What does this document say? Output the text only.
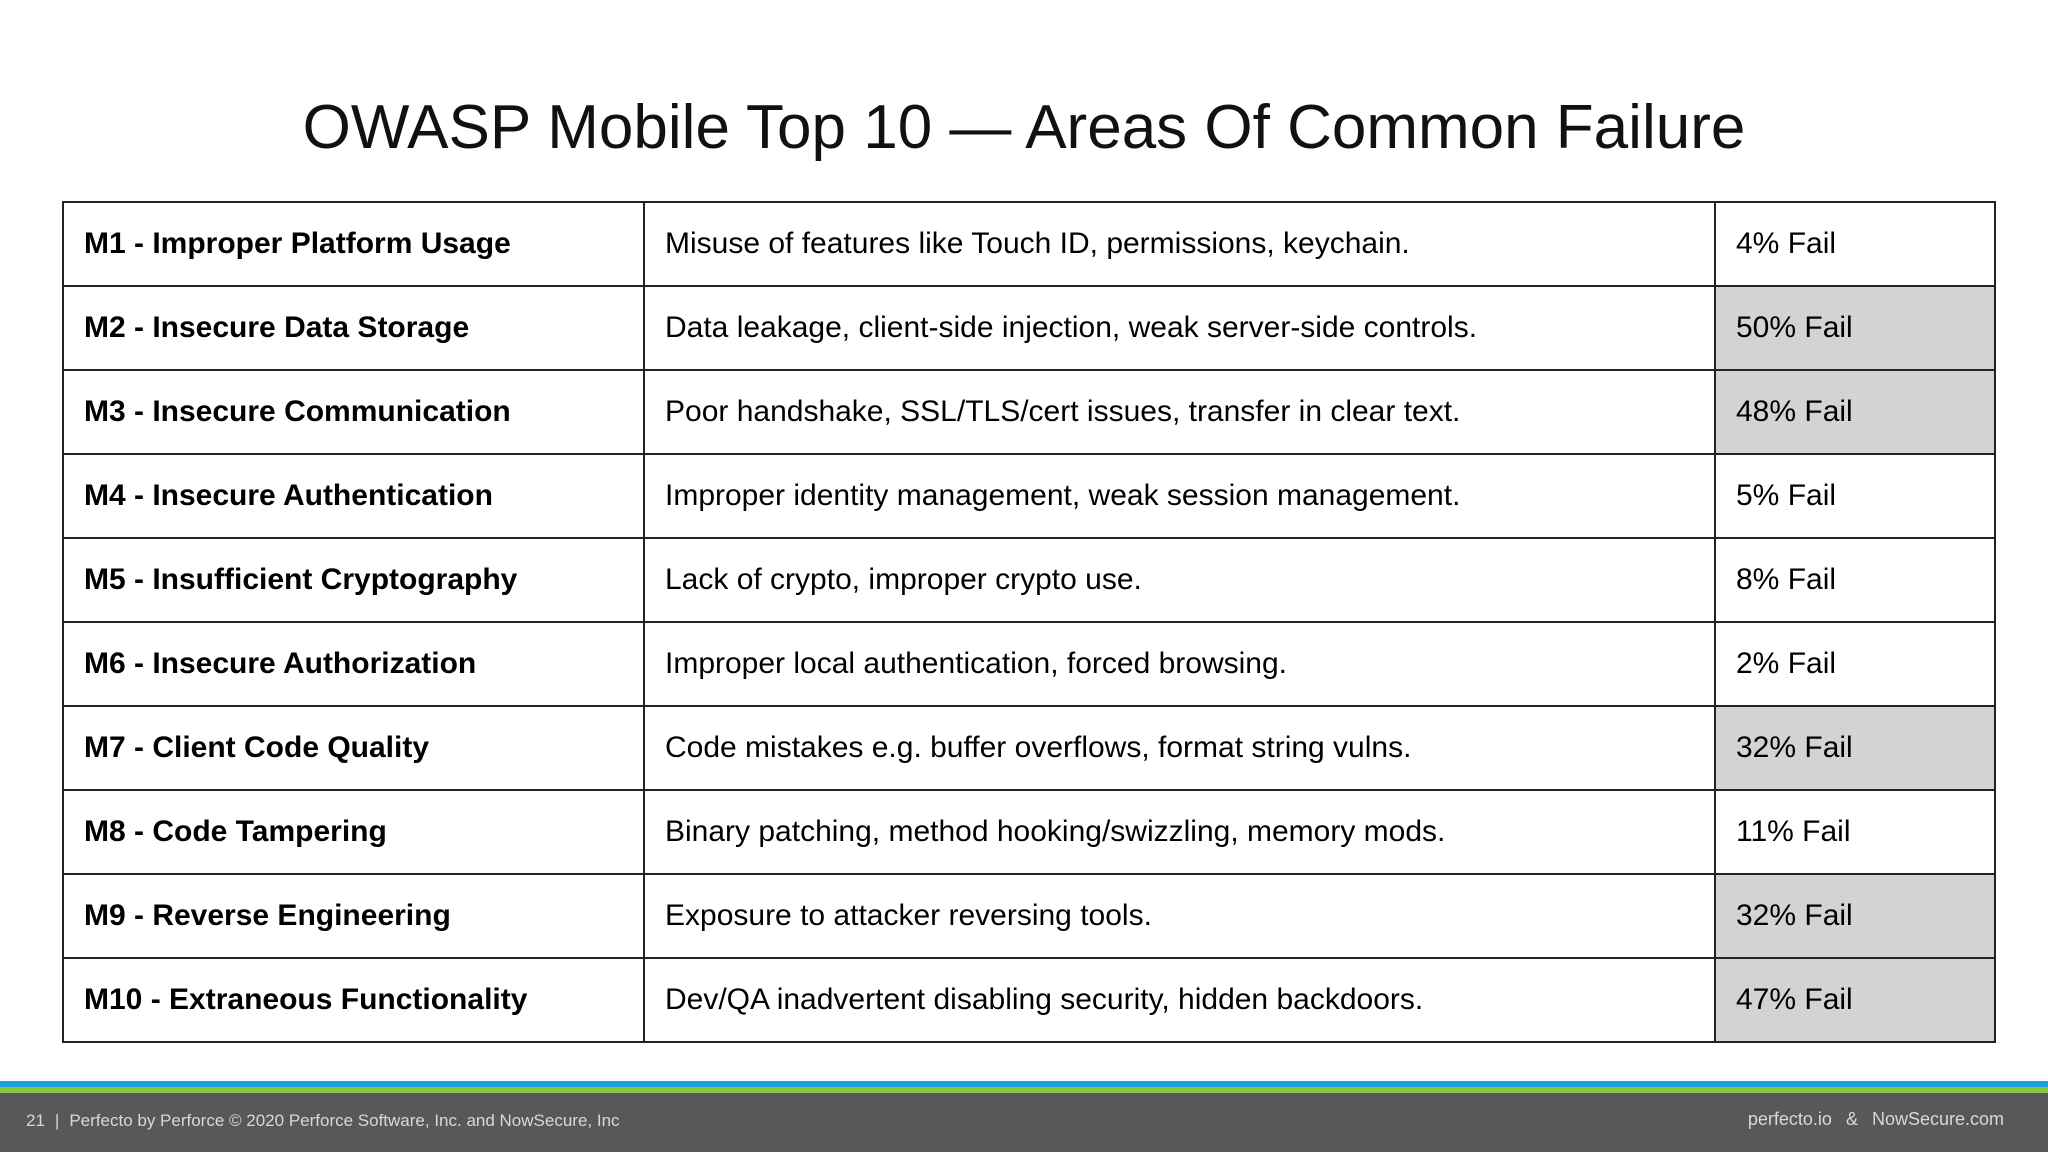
OWASP Mobile Top 10 — Areas Of Common Failure
M1 - Improper Platform Usage	Misuse of features like Touch ID, permissions, keychain.	4% Fail
M2 - Insecure Data Storage	Data leakage, client-side injection, weak server-side controls.	50% Fail
M3 - Insecure Communication	Poor handshake, SSL/TLS/cert issues, transfer in clear text.	48% Fail
M4 - Insecure Authentication	Improper identity management, weak session management.	5% Fail
M5 - Insufficient Cryptography	Lack of crypto, improper crypto use.	8% Fail
M6 - Insecure Authorization	Improper local authentication, forced browsing.	2% Fail
M7 - Client Code Quality	Code mistakes e.g. buffer overflows, format string vulns.	32% Fail
M8 - Code Tampering	Binary patching, method hooking/swizzling, memory mods.	11% Fail
M9 - Reverse Engineering	Exposure to attacker reversing tools.	32% Fail
M10 - Extraneous Functionality	Dev/QA inadvertent disabling security, hidden backdoors.	47% Fail
21 | Perfecto by Perforce © 2020 Perforce Software, Inc. and NowSecure, Inc	perfecto.io & NowSecure.com
